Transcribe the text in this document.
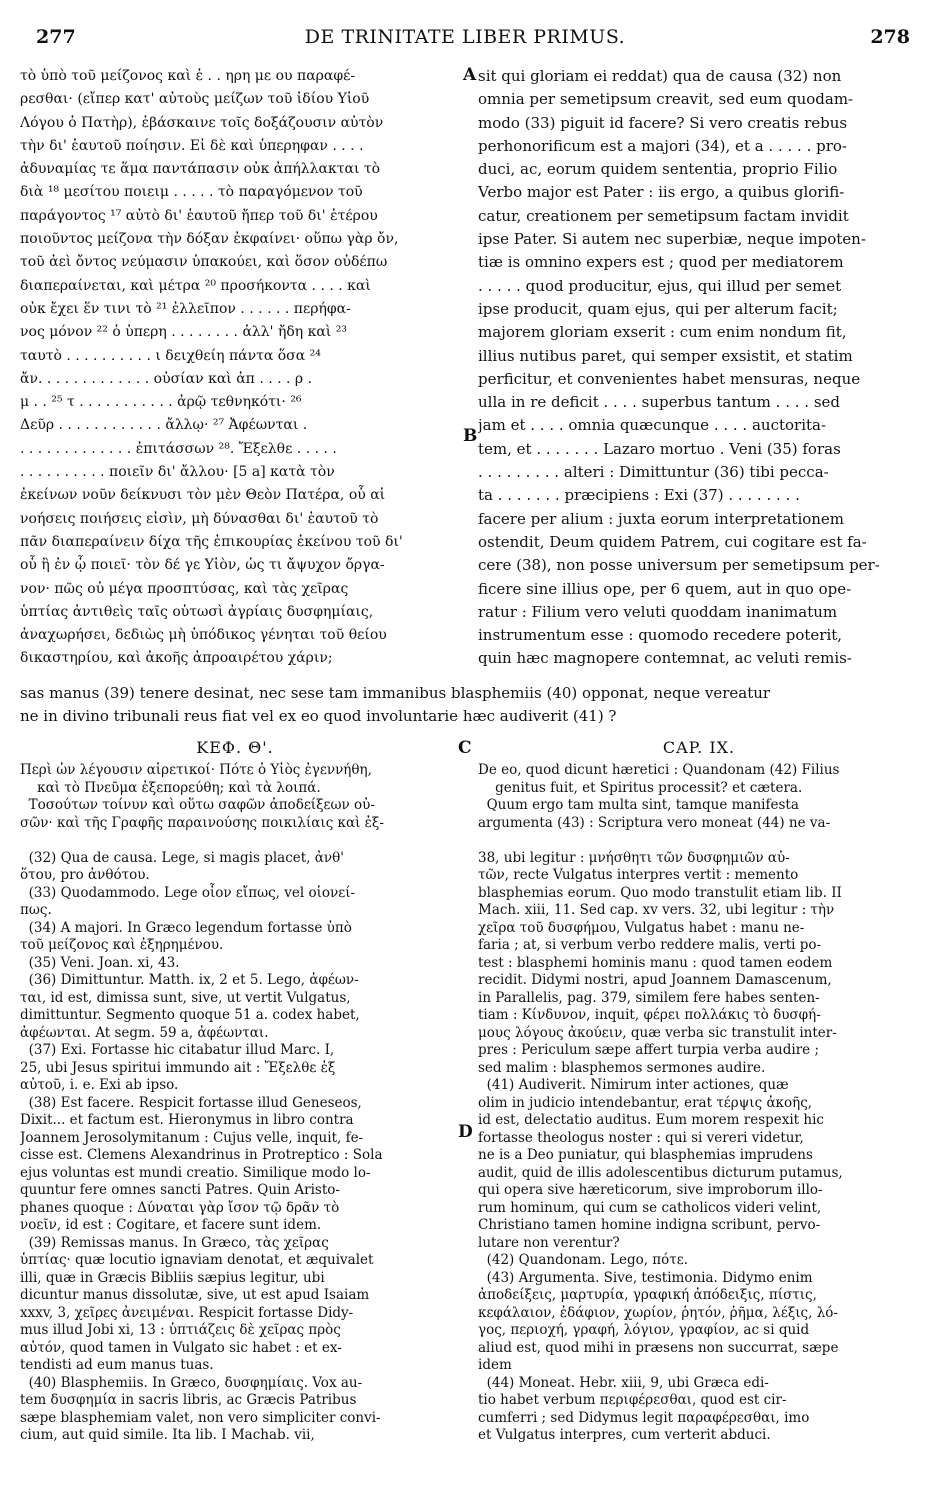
277	DE TRINITATE LIBER PRIMUS.	278
τὸ ὑπὸ τοῦ μείζονος καὶ ἐ . . ηρη με ου παραφέ-
ρεσθαι· (εἴπερ κατ' αὐτοὺς μείζων τοῦ ἰδίου Υἱοῦ
Λόγου ὁ Πατὴρ), ἐβάσκαινε τοῖς δοξάζουσιν αὐτὸν
τὴν δι' ἑαυτοῦ ποίησιν. Εἰ δὲ καὶ ὑπερηφαν . . . .
ἀδυναμίας τε ἅμα παντάπασιν οὐκ ἀπήλλακται τὸ
διὰ ¹⁸ μεσίτου ποιειμ . . . . . τὸ παραγόμενον τοῦ
παράγοντος ¹⁷ αὐτὸ δι' ἑαυτοῦ ἤπερ τοῦ δι' ἑτέρου
ποιοῦντος μείζονα τὴν δόξαν ἐκφαίνει· οὕπω γὰρ ὄν,
τοῦ ἀεὶ ὄντος νεύμασιν ὑπακούει, καὶ ὅσον οὐδέπω
διαπεραίνεται, καὶ μέτρα ²⁰ προσήκοντα . . . . καὶ
οὐκ ἔχει ἕν τινι τὸ ²¹ ἐλλεῖπον . . . . . . περήφα-
νος μόνον ²² ὁ ὑπερη . . . . . . . . ἀλλ' ἤδη καὶ ²³
ταυτὸ . . . . . . . . . . ι δειχθείη πάντα ὅσα ²⁴
ἄν. . . . . . . . . . . . . οὐσίαν καὶ ἀπ . . . . ρ .
μ . . ²⁵ τ . . . . . . . . . . . ἀρῷ τεθνηκότι· ²⁶
Δεῦρ . . . . . . . . . . . . ἄλλῳ· ²⁷ Ἀφέωνται .
. . . . . . . . . . . . . ἐπιτάσσων ²⁸. Ἔξελθε . . . . .
. . . . . . . . . . ποιεῖν δι' ἄλλου· [5 a] κατὰ τὸν
ἐκείνων νοῦν δείκνυσι τὸν μὲν Θεὸν Πατέρα, οὗ αἱ
νοήσεις ποιήσεις εἰσὶν, μὴ δύνασθαι δι' ἑαυτοῦ τὸ
πᾶν διαπεραίνειν δίχα τῆς ἐπικουρίας ἐκείνου τοῦ δι'
οὗ ἢ ἐν ᾧ ποιεῖ· τὸν δέ γε Υἱὸν, ὡς τι ἄψυχον ὄργα-
νον· πῶς οὐ μέγα προσπτύσας, καὶ τὰς χεῖρας
ὑπτίας ἀντιθεὶς ταῖς οὑτωσὶ ἀγρίαις δυσφημίαις,
ἀναχωρήσει, δεδιὼς μὴ ὑπόδικος γένηται τοῦ θείου
δικαστηρίου, καὶ ἀκοῆς ἀπροαιρέτου χάριν;
sit qui gloriam ei reddat) qua de causa (32) non
omnia per semetipsum creavit, sed eum quodam-
modo (33) piguit id facere? Si vero creatis rebus
perhonorificum est a majori (34), et a . . . . . pro-
duci, ac, eorum quidem sententia, proprio Filio
Verbo major est Pater : iis ergo, a quibus glorifi-
catur, creationem per semetipsum factam invidit
ipse Pater. Si autem nec superbiæ, neque impoten-
tiæ is omnino expers est ; quod per mediatorem
. . . . . quod producitur, ejus, qui illud per semet
ipse producit, quam ejus, qui per alterum facit;
majorem gloriam exserit : cum enim nondum fit,
illius nutibus paret, qui semper exsistit, et statim
perficitur, et convenientes habet mensuras, neque
ulla in re deficit . . . . superbus tantum . . . . sed
jam et . . . . omnia quæcunque . . . . auctorita-
tem, et . . . . . . . Lazaro mortuo . Veni (35) foras
. . . . . . . . . alteri : Dimittuntur (36) tibi pecca-
ta . . . . . . . præcipiens : Exi (37) . . . . . . . .
facere per alium : juxta eorum interpretationem
ostendit, Deum quidem Patrem, cui cogitare est fa-
cere (38), non posse universum per semetipsum per-
ficere sine illius ope, per 6 quem, aut in quo ope-
ratur : Filium vero veluti quoddam inanimatum
instrumentum esse : quomodo recedere poterit,
quin hæc magnopere contemnat, ac veluti remis-
sas manus (39) tenere desinat, nec sese tam immanibus blasphemiis (40) opponat, neque vereatur
ne in divino tribunali reus fiat vel ex eo quod involuntarie hæc audiverit (41) ?
A
B
C
D
ΚΕΦ. Θ'.	CAP. IX.
Περὶ ὧν λέγουσιν αἱρετικοί· Πότε ὁ Υἱὸς ἐγεννήθη,
καὶ τὸ Πνεῦμα ἐξεπορεύθη; καὶ τὰ λοιπά.
Τοσούτων τοίνυν καὶ οὕτω σαφῶν ἀποδείξεων οὐ-
σῶν· καὶ τῆς Γραφῆς παραινούσης ποικιλίαις καὶ ἐξ-
(32) Qua de causa. Lege, si magis placet, ἀνθ'
ὅτου, pro ἀνθότου.
(33) Quodammodo. Lege οἷον εἴπως, vel οἱονεί-
πως.
(34) A majori. In Græco legendum fortasse ὑπὸ
τοῦ μείζονος καὶ ἐξηρημένου.
(35) Veni. Joan. xi, 43.
(36) Dimittuntur. Matth. ix, 2 et 5. Lego, ἀφέων-
ται, id est, dimissa sunt, sive, ut vertit Vulgatus,
dimittuntur. Segmento quoque 51 a. codex habet,
ἀφέωνται. At segm. 59 a, ἀφέωνται.
(37) Exi. Fortasse hic citabatur illud Marc. I,
25, ubi Jesus spiritui immundo ait : Ἔξελθε ἐξ
αὐτοῦ, i. e. Exi ab ipso.
(38) Est facere. Respicit fortasse illud Geneseos,
Dixit... et factum est. Hieronymus in libro contra
Joannem Jerosolymitanum : Cujus velle, inquit, fe-
cisse est. Clemens Alexandrinus in Protreptico : Sola
ejus voluntas est mundi creatio. Similique modo lo-
quuntur fere omnes sancti Patres. Quin Aristo-
phanes quoque : Δύναται γὰρ ἴσον τῷ δρᾶν τὸ
νοεῖν, id est : Cogitare, et facere sunt idem.
(39) Remissas manus. In Græco, τὰς χεῖρας
ὑπτίας· quæ locutio ignaviam denotat, et æquivalet
illi, quæ in Græcis Bibliis sæpius legitur, ubi
dicuntur manus dissolutæ, sive, ut est apud Isaiam
xxxv, 3, χεῖρες ἀνειμέναι. Respicit fortasse Didy-
mus illud Jobi xi, 13 : ὑπτιάζεις δὲ χεῖρας πρὸς
αὐτόν, quod tamen in Vulgato sic habet : et ex-
tendisti ad eum manus tuas.
(40) Blasphemiis. In Græco, δυσφημίαις. Vox au-
tem δυσφημία in sacris libris, ac Græcis Patribus
sæpe blasphemiam valet, non vero simpliciter convi-
cium, aut quid simile. Ita lib. I Machab. vii,
De eo, quod dicunt hæretici : Quandonam (42) Filius
genitus fuit, et Spiritus processit? et cætera.
Quum ergo tam multa sint, tamque manifesta
argumenta (43) : Scriptura vero moneat (44) ne va-
38, ubi legitur : μνήσθητι τῶν δυσφημιῶν αὐ-
τῶν, recte Vulgatus interpres vertit : memento
blasphemias eorum. Quo modo transtulit etiam lib. II
Mach. xiii, 11. Sed cap. xv vers. 32, ubi legitur : τὴν
χεῖρα τοῦ δυσφήμου, Vulgatus habet : manu ne-
faria ; at, si verbum verbo reddere malis, verti po-
test : blasphemi hominis manu : quod tamen eodem
recidit. Didymi nostri, apud Joannem Damascenum,
in Parallelis, pag. 379, similem fere habes senten-
tiam : Κίνδυνον, inquit, φέρει πολλάκις τὸ δυσφή-
μους λόγους ἀκούειν, quæ verba sic transtulit inter-
pres : Periculum sæpe affert turpia verba audire ;
sed malim : blasphemos sermones audire.
(41) Audiverit. Nimirum inter actiones, quæ
olim in judicio intendebantur, erat τέρψις ἀκοῆς,
id est, delectatio auditus. Eum morem respexit hic
fortasse theologus noster : qui si vereri videtur,
ne is a Deo puniatur, qui blasphemias imprudens
audit, quid de illis adolescentibus dicturum putamus,
qui opera sive hæreticorum, sive improborum illo-
rum hominum, qui cum se catholicos videri velint,
Christiano tamen homine indigna scribunt, pervo-
lutare non verentur?
(42) Quandonam. Lego, πότε.
(43) Argumenta. Sive, testimonia. Didymo enim
ἀποδείξεις, μαρτυρία, γραφική ἀπόδειξις, πίστις,
κεφάλαιον, ἐδάφιον, χωρίον, ῥητόν, ῥῆμα, λέξις, λό-
γος, περιοχή, γραφή, λόγιον, γραφίον, ac si quid
aliud est, quod mihi in præsens non succurrat, sæpe
idem
(44) Moneat. Hebr. xiii, 9, ubi Græca edi-
tio habet verbum περιφέρεσθαι, quod est cir-
cumferri ; sed Didymus legit παραφέρεσθαι, imo
et Vulgatus interpres, cum verterit abduci.
